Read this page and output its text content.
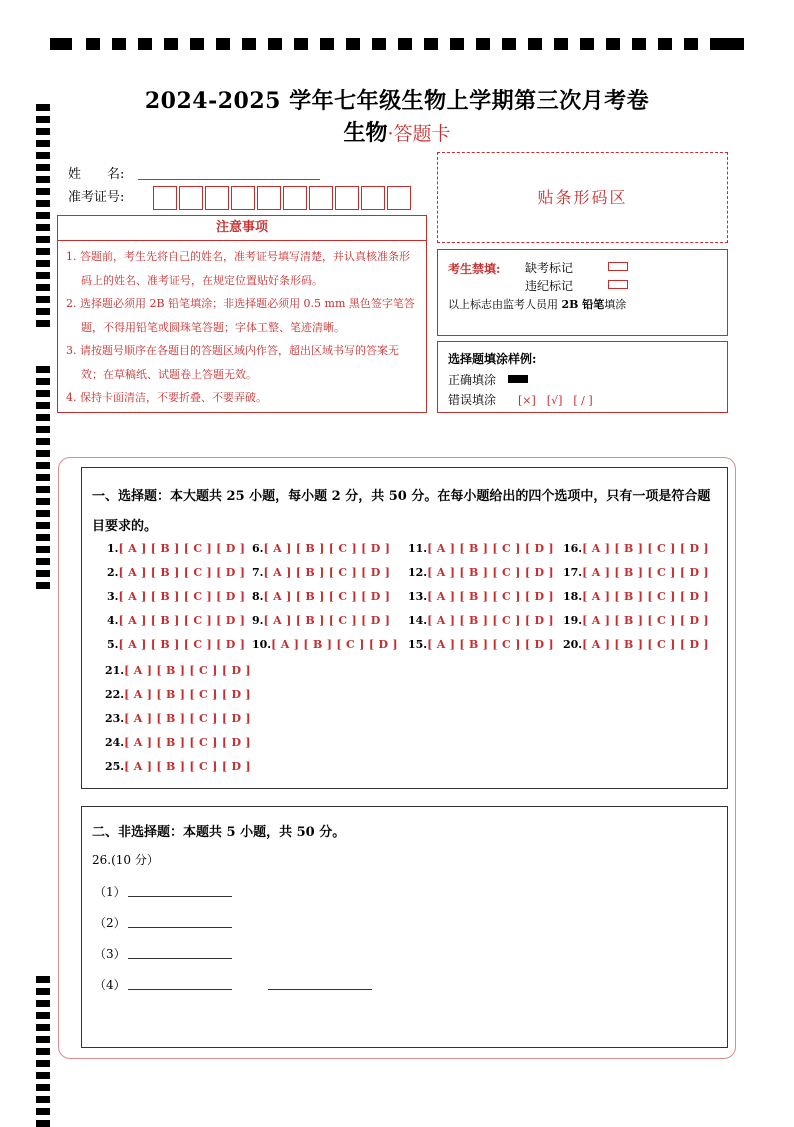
2024-2025 学年七年级生物上学期第三次月考卷
生物·答题卡
姓　　名:
准考证号:
注意事项
1. 答题前，考生先将自己的姓名，准考证号填写清楚，并认真核准条形码上的姓名、准考证号，在规定位置贴好条形码。
2. 选择题必须用 2B 铅笔填涂；非选择题必须用 0.5 mm 黑色签字笔答题，不得用铅笔或圆珠笔答题；字体工整、笔迹清晰。
3. 请按题号顺序在各题目的答题区域内作答，超出区域书写的答案无效；在草稿纸、试题卷上答题无效。
4. 保持卡面清洁，不要折叠、不要弄破。
贴条形码区
考生禁填: 缺考标记
违纪标记
以上标志由监考人员用 2B 铅笔填涂
选择题填涂样例:
正确填涂
错误填涂 [×]　[√]　[ / ]
一、选择题：本大题共 25 小题，每小题 2 分，共 50 分。在每小题给出的四个选项中，只有一项是符合题目要求的。
1.[ A ] [ B ] [ C ] [ D ]
2.[ A ] [ B ] [ C ] [ D ]
3.[ A ] [ B ] [ C ] [ D ]
4.[ A ] [ B ] [ C ] [ D ]
5.[ A ] [ B ] [ C ] [ D ]
6.[ A ] [ B ] [ C ] [ D ]
7.[ A ] [ B ] [ C ] [ D ]
8.[ A ] [ B ] [ C ] [ D ]
9.[ A ] [ B ] [ C ] [ D ]
10.[ A ] [ B ] [ C ] [ D ]
11.[ A ] [ B ] [ C ] [ D ]
12.[ A ] [ B ] [ C ] [ D ]
13.[ A ] [ B ] [ C ] [ D ]
14.[ A ] [ B ] [ C ] [ D ]
15.[ A ] [ B ] [ C ] [ D ]
16.[ A ] [ B ] [ C ] [ D ]
17.[ A ] [ B ] [ C ] [ D ]
18.[ A ] [ B ] [ C ] [ D ]
19.[ A ] [ B ] [ C ] [ D ]
20.[ A ] [ B ] [ C ] [ D ]
21.[ A ] [ B ] [ C ] [ D ]
22.[ A ] [ B ] [ C ] [ D ]
23.[ A ] [ B ] [ C ] [ D ]
24.[ A ] [ B ] [ C ] [ D ]
25.[ A ] [ B ] [ C ] [ D ]
二、非选择题：本题共 5 小题，共 50 分。
26.(10 分）
（1）
（2）
（3）
（4）
